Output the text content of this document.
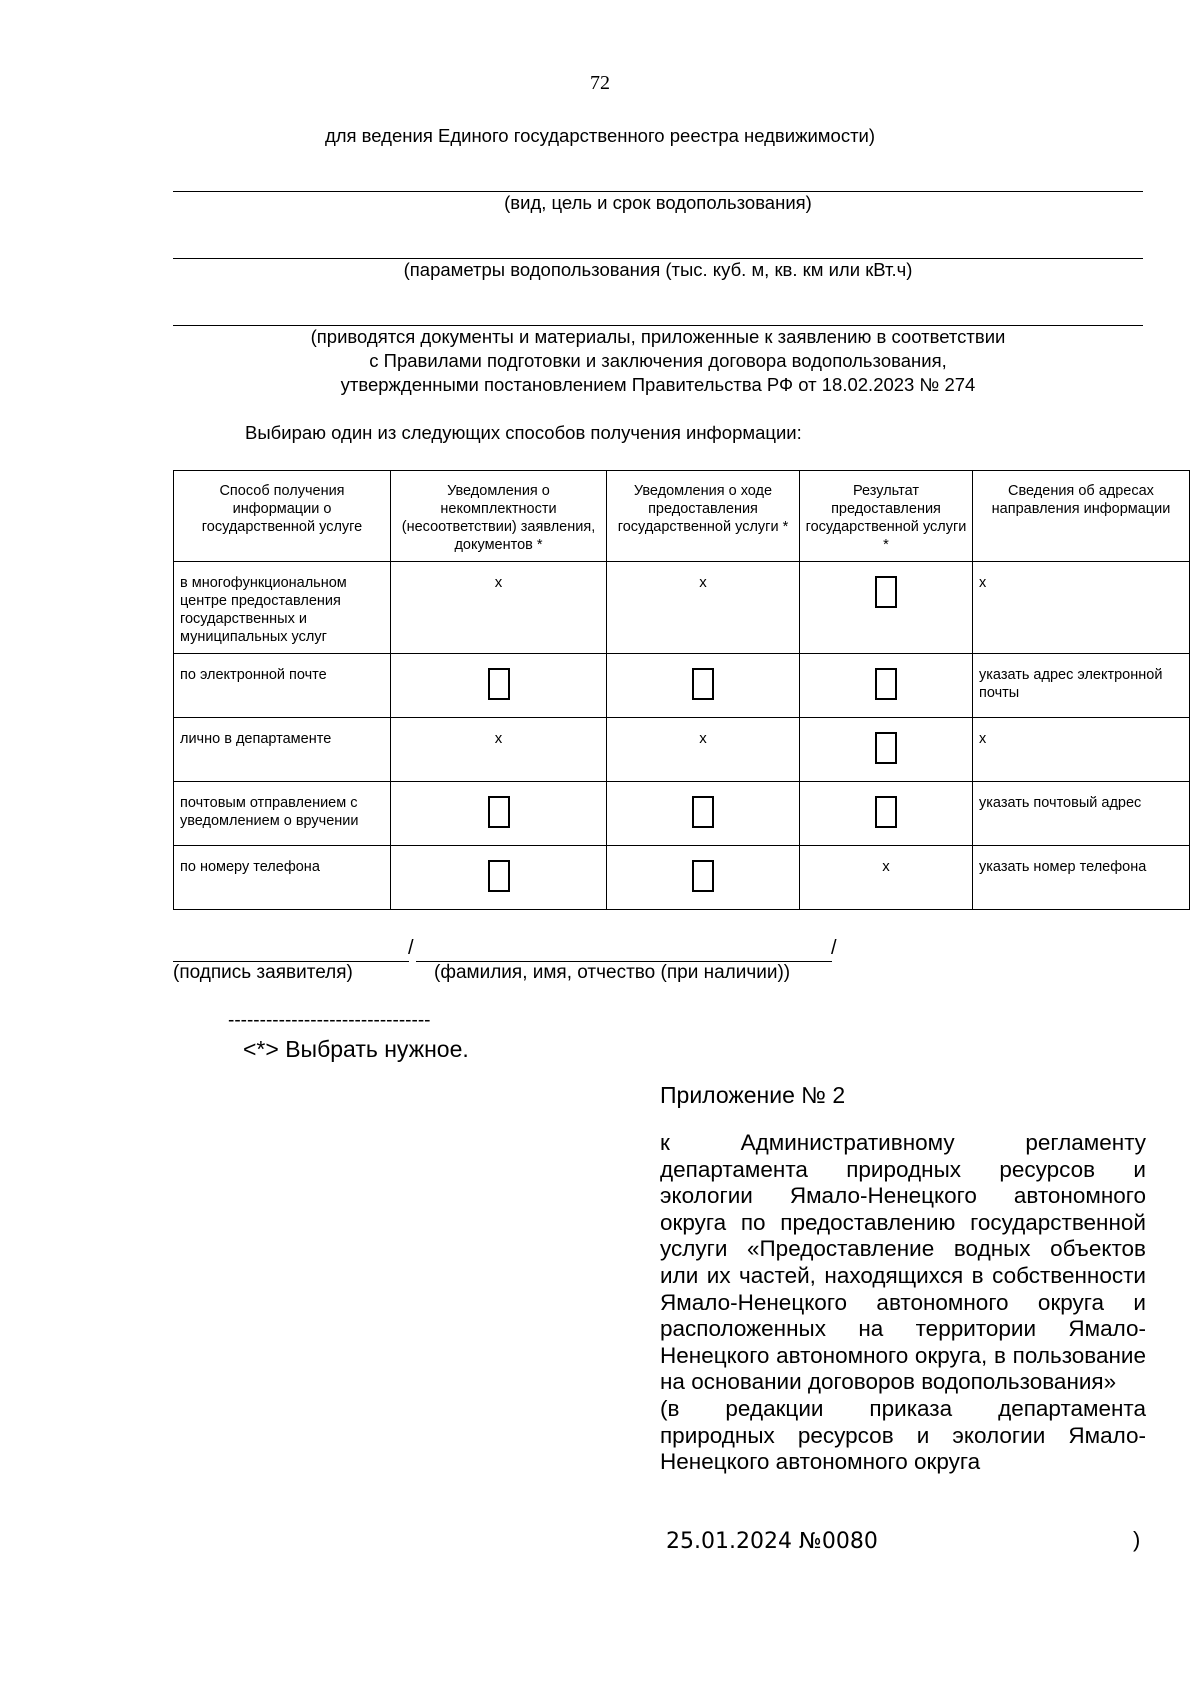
72
для ведения Единого государственного реестра недвижимости)
(вид, цель и срок водопользования)
(параметры водопользования (тыс. куб. м, кв. км или кВт.ч)
(приводятся документы и материалы, приложенные к заявлению в соответствии
с Правилами подготовки и заключения договора водопользования,
утвержденными постановлением Правительства РФ от 18.02.2023 № 274
Выбираю один из следующих способов получения информации:
Способ получения информации о государственной услуге	Уведомления о некомплектности (несоответствии) заявления, документов *	Уведомления о ходе предоставления государственной услуги *	Результат предоставления государственной услуги *	Сведения об адресах направления информации
в многофункциональном центре предоставления государственных и муниципальных услуг	x	x		x
по электронной почте				указать адрес электронной почты
лично в департаменте	x	x		x
почтовым отправлением с уведомлением о вручении				указать почтовый адрес
по номеру телефона			x	указать номер телефона
/	/
(подпись заявителя)	(фамилия, имя, отчество (при наличии))
--------------------------------
<*> Выбрать нужное.
Приложение № 2

к Административному регламенту департамента природных ресурсов и экологии Ямало-Ненецкого автономного округа по предоставлению государственной услуги «Предоставление водных объектов или их частей, находящихся в собственности Ямало-Ненецкого автономного округа и расположенных на территории Ямало-Ненецкого автономного округа, в пользование на основании договоров водопользования»

(в редакции приказа департамента природных ресурсов и экологии Ямало-Ненецкого автономного округа

25.01.2024 №0080	)
